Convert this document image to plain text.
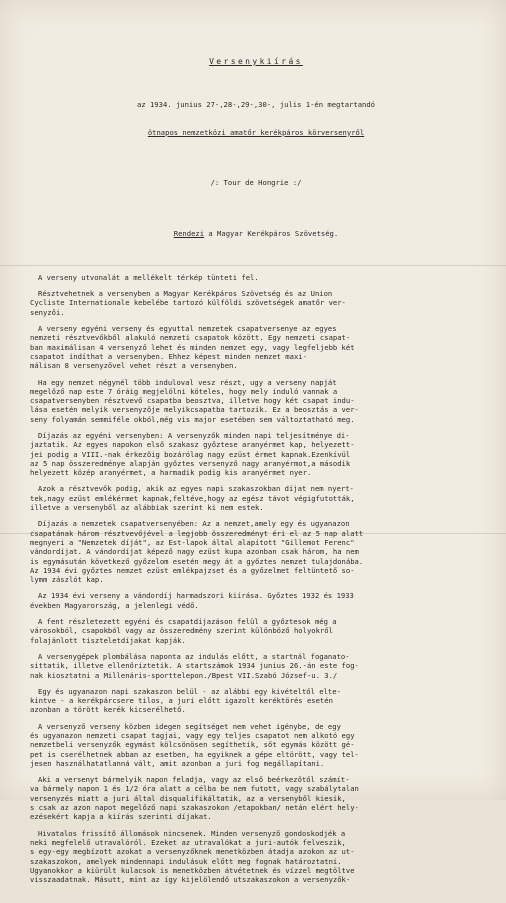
Versenykiírás

az 1934. junius 27-,28-,29-,30-, julis 1-én megtartandó

ötnapos nemzetközi amatőr kerékpáros körversenyről

/: Tour de Hongrie :/

Rendezi a Magyar Kerékpáros Szövetség.

A verseny utvonalát a mellékelt térkép tünteti fel.
Résztvehetnek a versenyben a Magyar Kerékpáros Szövetség és az Union
Cycliste Internationale kebelébe tartozó külföldi szövetségek amatőr ver-
senyzői.
A verseny egyéni verseny és egyuttal nemzetek csapatversenye az egyes
nemzeti résztvevőkből alakuló nemzeti csapatok között. Egy nemzeti csapat-
ban maximálisan 4 versenyző lehet és minden nemzet egy, vagy legfeljebb két
csapatot indíthat a versenyben. Ehhez képest minden nemzet maxi-
málisan 8 versenyzővel vehet részt a versenyben.
Ha egy nemzet négynél több induloval vesz részt, ugy a verseny napját
megelőző nap este 7 óráig megjelölni köteles, hogy mely induló vannak a
csapatversenyben résztvevő csapatba beosztva, illetve hogy két csapat indu-
lása esetén melyik versenyzője melyikcsapatba tartozik. Ez a beosztás a ver-
seny folyamán semmiféle okból,még vis major esetében sem változtatható meg.
Díjazás az egyéni versenyben: A versenyzők minden napi teljesítménye di-
jaztatik. Az egyes napokon első szakasz győztese aranyérmet kap, helyezett-
jei podig a VIII.-nak érkezőig bozárólag nagy ezüst érmet kapnak.Ezenkívül
az 5 nap összeredménye alapján győztes versenyző nagy aranyérmot,a második
helyezett közép aranyérmet, a harmadik podig kis aranyérmet nyer.
Azok a résztvevők podig, akik az egyes napi szakaszokban díjat nem nyert-
tek,nagy ezüst emlékérmet kapnak,feltéve,hogy az egész távot végigfutották,
illetve a versenyből az alábbiak szerint ki nem estek.
Díjazás a nemzetek csapatversenyében: Az a nemzet,amely egy és ugyanazon
csapatának három résztvevőjével a legjobb összeredményt éri el az 5 nap alatt
megnyeri a "Nemzetek díját", az Est-lapok által alapított "Gillemot Ferenc"
vándordíjat. A vándordíjat képező nagy ezüst kupa azonban csak három, ha nem
is egymásután következő győzelom esetén megy át a győztes nemzet tulajdonába.
Az 1934 évi győztes nemzet ezüst emlékpajzset és a győzelmet feltüntető so-
lymm zászlót kap.
Az 1934 évi verseny a vándordíj harmadszori kiírása. Győztes 1932 és 1933
években Magyarország, a jelenlegi védő.
A fent részletezett egyéni és csapatdíjazáson felül a győztesok még a
városokból, csapokból vagy az összeredmény szerint különböző holyokről
folajánlott tiszteletdíjakat kapják.
A versenygépek plombálása naponta az indulás előtt, a startnál foganato-
sittatik, illetve ellenőriztetik. A startszámok 1934 junius 26.-án este fog-
nak kiosztatni a Millenáris-sporttelepon./Bpest VII.Szabó József-u. 3./
Egy és ugyanazon napi szakaszon belül - az alábbi egy kivételtől elte-
kintve - a kerékpárcsere tilos, a juri előtt igazolt keréktörés esetén
azonban a törött kerék kicserélhető.
A versenyző verseny közben idegen segítséget nem vehet igénybe, de egy
és ugyanazon nemzeti csapat tagjai, vagy egy teljes csapatot nem alkotó egy
nemzetbeli versenyzők egymást kölcsönösen segíthetik, sőt egymás között gé-
pet is cserélhetnek abban az esetben, ha egyiknek a gépe eltörött, vagy tel-
jesen használhatatlanná vált, amit azonban a juri fog megállapítani.
Aki a versenyt bármelyik napon feladja, vagy az első beérkezőtől számít-
va bármely napon 1 és 1/2 óra alatt a célba be nem futott, vagy szabálytalan
versenyzés miatt a juri által disqualifikáltatik, az a versenyből kiesik,
s csak az azon napot megelőző napi szakaszokon /etapokban/ netán elért hely-
ezésekért kapja a kiírás szerinti díjakat.
Hivatalos frissítő állomások nincsenek. Minden versenyző gondoskodjék a
neki megfelelő utravalóról. Ezeket az utravalókat a juri-autók felveszik,
s egy-egy megbízott azokat a versenyzőknek menetközben átadja azokon az ut-
szakaszokon, amelyek mindennapi indulásuk előtt meg fognak határoztatni.
Ugyanokkor a kiürült kulacsok is menetközben átvétetnek és vízzel megtöltve
visszaadatnak. Másutt, mint az így kijelölendő utszakaszokon a versenyzők-
